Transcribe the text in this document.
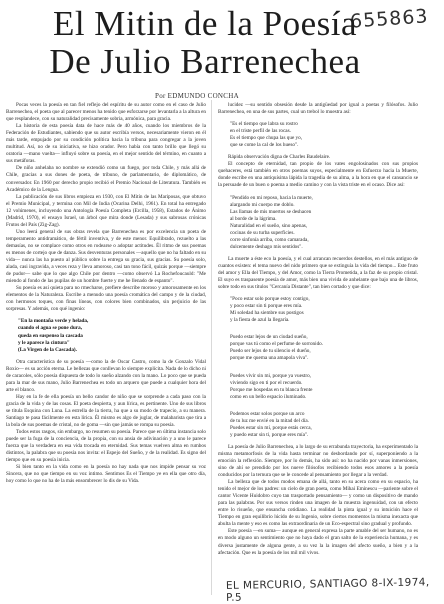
655863
El Mitin de la Poesía
De Julio Barrenechea
Por EDMUNDO CONCHA

Pocas veces la poesía en tan fiel reflejo del espíritu de su autor como en el caso de Julio Barrenechea, el poeta que al parecer menos ha tenido que esforzarse por levantarla a la altura en que resplandece, con su naturalidad precisamente sobria, armónica, para gracia.

La historia de esta poesía data de hace más de 40 años, cuando los miembros de la Federación de Estudiantes, sabiendo que su autor escribía versos, necesariamente vieron en él más tarde, empujado por su condición política hacia la tribuna para congregar a la joven multitud. Así, no de su iniciativa, se hizo orador. Pero había con tanto brillo que llegó su oratoria —mano vuelta— influyó sobre su poesía, en el mejor sentido del término, en cuanto a sus metáforas.

De niño anhelaba no nombre se extendió como un fuego, por toda Chile, y más allá de Chile, gracias a sus dones de poeta, de tribuno, de parlamentario, de diplomático, de conversador. En 1960 por derecho propio recibió el Premio Nacional de Literatura. También es Académico de la Lengua.

La publicación de sus libros empieza en 1930, con El Mitín de las Mariposas, que obtuvo el Premio Municipal, y termina con Mil de India (Ocarina Delhi, 1961). En total ha entregado 12 volúmenes, incluyendo una Antología Poesía Completa (Ercilla, 1958), Estados de Ánimo (Madrid, 1970), el ensayo Israel, un árbol que mira donde (Lesada) y sus sabrosas crónicas Frutos del País (Zig-Zag).

Uno leerá general de sus obras revela que Barrenechea es por excelencia un poeta de temperamento antidramático, de fértil inventiva, y de este menor. Equilibrado, rezuelto a las demasías, no se complace como otros en rodearse o adoptar actitudes. Él ritmo de sus poemas es menos de cortejo que de danza. Sus desventuras personales —aquello que no ha faltado en su vida— nunca las ha puesto al público sobre la entrega su gracia, sus gracias. Su poesía solo, alada, casi ingravida, a veces reza y lleva amoroso, casi tan tono fácil, quizás porque —siempre de pudor— sabe que lo que algo Chile por dentro —como observó La Rochefoucauld: "Me miendo al fondo de las pupilas de un hombre fuerte y me he llenado de espanto".

Su poesía es así quieta para no rmecharse, prefiere describe moroso y amorosamente en los elementos de la Naturaleza. Escribe a menudo una poesía cromática del campo y de la ciudad, con hermosos toques, con finas líneas, con colores bien combinados, sin perjuicio de las sorpresas. Y además, con qué ingenio:

"En la montaña verde y helada,
cuando el agua se pone dura,
queda en suspenso la cascada
y le aparece la cintura"
(La Virgen de la Cascada).

Otra característica de su poesía —como la de Oscar Castro, como la de Gonzalo Vidal Roxio— es su acción eterna. Le bellezas que conllevan lo siempre explícita. Nada de lo dicho ni de caracoles, sólo poesía dispuesta de todo lo sueño alzando con la mano. Lo poco que se pueda para la mar de sus mano, Julio Barrenechea es todo un arquero que puede a cualquier hora del arte el blanco.

Hay en la fe de ella poesía un bello candor de niño que se sorprende a cada paso con la gracia de la vida y de las cosas. El poeta despierta, y aun lírica, es pertinente. Uno de sus libros se titula Esquina con Luna. La estrella de la tierra, ha que a su modo de trapecio, a su manera. Santiago te pasa fácilmente en esta lírica. Él mismo es algo de juglar, de malabarista que tira a la bola de sus poemas de cristal, no de goma —sin que jamás se rompa su poesía.

Todos estos rasgos, sin embargo, no resumen su poesía. Parece que en última instancia solo puede ser la fuga de la conciencia, de la propia, con su ansia de adivinación y a uno le parece fuerza que la verdadera en esa vida trocada en eternidad. Sus temas vuelven alma en rumbos distintos, la palabra que su poesía nos invita: el Espejo del Sueño, y de la realidad. Es signo del tiempo que en su poesía inicia.

Si bien tanto en la vida como en la poesía no hay nada que nos impide pensar su voz Sincera, que no que tiempo en su voz intimo. Sentimos Es el Tiempo ye en ella que otro día, hoy como lo que no ha de la más ensombrecer lo dis de su Vida.

lucidez —su sentido obsesión desde la antigüedad por igual a poetas y filósofos. Julio Barrenechea, en una de sus partes, cual un trebol lo muestra así:

"Es el tiempo que labra su rostro
en el triste perfil de las rocas.
Es el tiempo que chupa las que yo,
que se come la cal de los hueso".

Rápida observación digna de Charles Baudelaire.

El concepto de eternidad, tan propio de los vates engolosinados con sus propios quehaceres, está también en otros poemas suyos, especialmente en Esfuerzo hacia la Muerte, donde escribe en una antiquísima lápida la tragedia de su alma, a la hora en que el cansancio se la persuade de un buen o poema a medio camino y con la vista triste en el ocaso. Dice así:

"Pendido en mi reposo, hacia la muerte,
alargando mi cuerpo me doblo.
Las llamas de mis muertos se deshacen
al borde de la lágrima.
Naturalidad en el sueño, sino apenas,
cocinas de su turba superficies.
corre sinfonía arriba, como camarada,
dulcemente deshago mis sentidos".

La muerte a éste eco la poesía, y el cual arrancan recuerdos destellos, en el más antiguo de cuantos existen: el tema nuevo del nido primero que se extinguía la vida del tiempo... Este fruto del amor y Ella del Tiempo, y del Amor, como la Tierra Prometida, a la faz de su propio cristal. El suyo es traspasente poesía de amor, más bien una vivida de anhelante que bajo una de libros, sobre todo en sus títulos "Cercanía Distante", tan bien cortado y que dice:

"Poco estar solo porque estoy contigo,
y poco estar sin ti porque eres mía.
Mi soledad ha siembre sus postigos
y la fiesta de azul la llegaría.
Puedo estar lejos de un ciudad sueño,
porque vas tú como el perfume de sorronido.
Puedo ser lejos de tu silencio el dueño,
porque me quema una amapola viva".
Puedes vivir sin mi, porque ya vuestro,
viviendo sigo en ti por el recuerdo.
Porque me hospedas en tu blanca frente
como en un bello espacio iluminado.
Podemos estar solos porque un arco
de tu luz me envié en la mitad del día.
Puedes estar sin mí, porque estás cerca,
y puedo estar sin ti, porque eres mía".

La poesía de Julio Barrenechea, a lo largo de su errabunda trayectoria, ha experimentado la misma metamorfosis de la vida hasta terminar no desbordando por sí, superponiendo a la emoción la reflexión. Siempre, por lo demás, ha sido así: no ha nacido por vanas inmersiones, sino de ahí se prendido por los nueve filósofos recibiendo todos esos amores a la poesía conducidos por la ternura que se le concede al pensamiento por llegar a la verdad.

La belleza que de todos modos emana de allá, tanto en su acera como en su espacio, ha tenido el mejor de los padres: un cielo de gran poeta, como Mihai Eminescu —pariente sobre el cantor Vicente Huidobro cuyo tan trasportado pensamiento— y como un dispositivo de mando para las palabras. Por sus versos rinden una imagen de la muestra ingenuidad, con un efecto entre lo risueño, que ensancha cotidiano. La realidad la pinta igual y su intuición hace el Tiempo en gran equilibrio lúcido de su Ingenio, sobre ciertos momentos la misma inexacta que abulta la mente y eso es como las extraordinaria de un Eco-espectral sino gradual y profundo.

Este poesía —en suma— aunque en general expresa la parte amable del ser humano, no es en modo alguno un sentimiento que no haya dado el gran salto de la experiencia humana, y es diversa justamente de alguna gente, a su vez la la imagen del afecto sueño, a bien y a la afectación. Que es la poesía de los mil mil vivos.

EL MERCURIO, SANTIAGO 8-IX-1974, P.5
